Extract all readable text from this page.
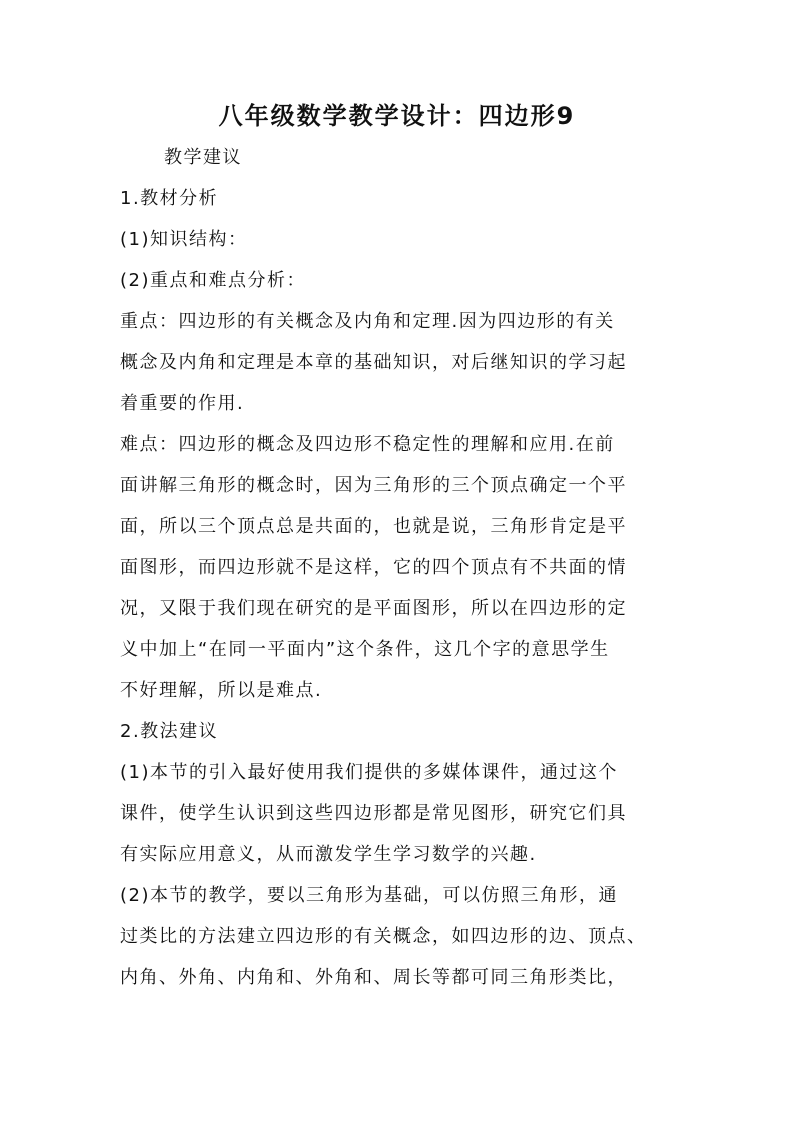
八年级数学教学设计：四边形9

教学建议

1.教材分析

(1)知识结构：

(2)重点和难点分析：

重点：四边形的有关概念及内角和定理.因为四边形的有关

概念及内角和定理是本章的基础知识，对后继知识的学习起

着重要的作用.

难点：四边形的概念及四边形不稳定性的理解和应用.在前

面讲解三角形的概念时，因为三角形的三个顶点确定一个平

面，所以三个顶点总是共面的，也就是说，三角形肯定是平

面图形，而四边形就不是这样，它的四个顶点有不共面的情

况，又限于我们现在研究的是平面图形，所以在四边形的定

义中加上“在同一平面内”这个条件，这几个字的意思学生

不好理解，所以是难点.

2.教法建议

(1)本节的引入最好使用我们提供的多媒体课件，通过这个

课件，使学生认识到这些四边形都是常见图形，研究它们具

有实际应用意义，从而激发学生学习数学的兴趣.

(2)本节的教学，要以三角形为基础，可以仿照三角形，通

过类比的方法建立四边形的有关概念，如四边形的边、顶点、

内角、外角、内角和、外角和、周长等都可同三角形类比，
